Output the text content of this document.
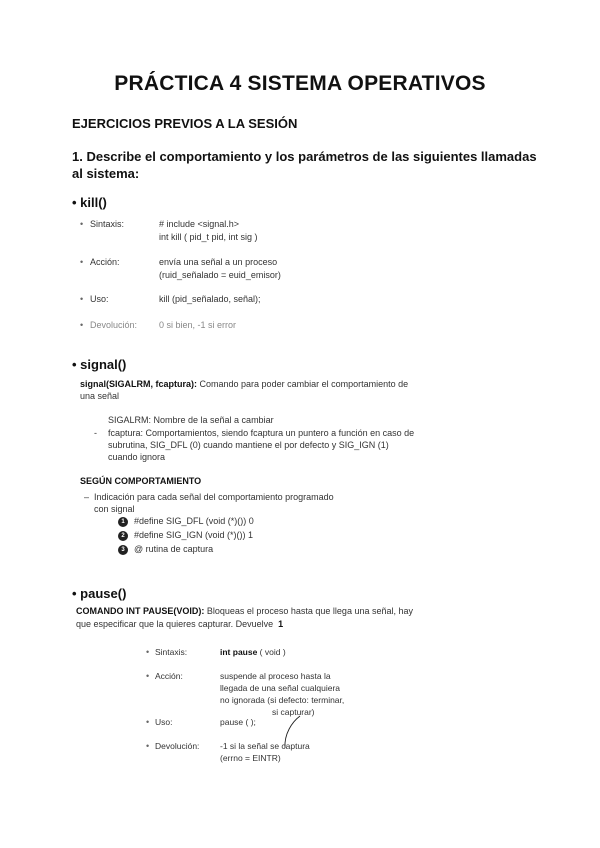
PRÁCTICA 4 SISTEMA OPERATIVOS
EJERCICIOS PREVIOS A LA SESIÓN
1. Describe el comportamiento y los parámetros de las siguientes llamadas al sistema:
• kill()
• Sintaxis:	# include <signal.h>
int kill ( pid_t pid, int sig )
• Acción:	envía una señal a un proceso
(ruid_señalado = euid_emisor)
• Uso:	kill (pid_señalado, señal);
• Devolución: 0 si bien, -1 si error
• signal()
signal(SIGALRM, fcaptura): Comando para poder cambiar el comportamiento de
una señal
SIGALRM: Nombre de la señal a cambiar
- fcaptura: Comportamientos, siendo fcaptura un puntero a función en caso de
subrutina, SIG_DFL (0) cuando mantiene el por defecto y SIG_IGN (1)
cuando ignora
SEGÚN COMPORTAMIENTO
– Indicación para cada señal del comportamiento programado
con signal
1 #define SIG_DFL (void (*)()) 0
2 #define SIG_IGN (void (*)()) 1
3 @ rutina de captura
• pause()
COMANDO INT PAUSE(VOID): Bloqueas el proceso hasta que llega una señal, hay
que especificar que la quieres capturar. Devuelve 1
• Sintaxis:	int pause ( void )
• Acción:	suspende al proceso hasta la
llegada de una señal cualquiera
no ignorada (si defecto: terminar,
si capturar)
• Uso:	pause ( );
• Devolución: -1 si la señal se captura
(errno = EINTR)
